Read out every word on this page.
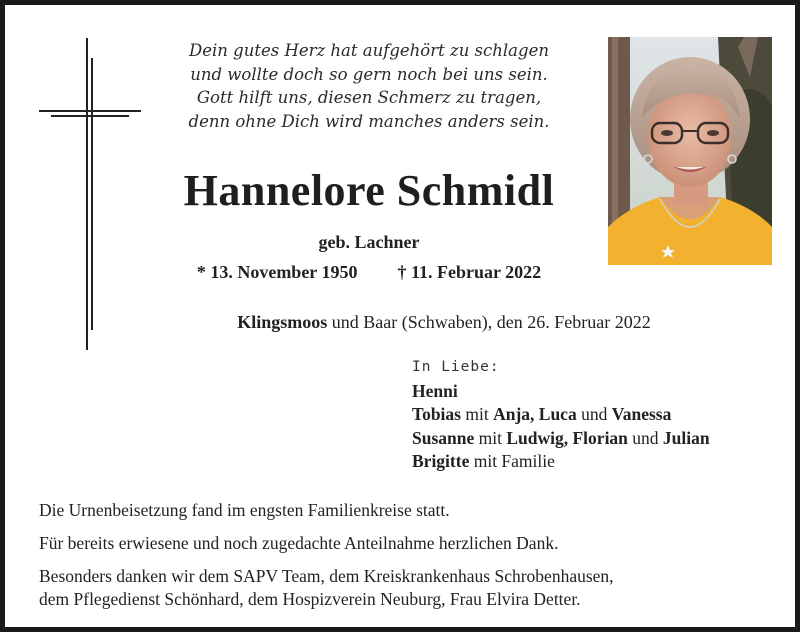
Dein gutes Herz hat aufgehört zu schlagen
und wollte doch so gern noch bei uns sein.
Gott hilft uns, diesen Schmerz zu tragen,
denn ohne Dich wird manches anders sein.
Hannelore Schmidl
geb. Lachner
* 13. November 1950 † 11. Februar 2022
Klingsmoos und Baar (Schwaben), den 26. Februar 2022
In Liebe:
Henni
Tobias mit Anja, Luca und Vanessa
Susanne mit Ludwig, Florian und Julian
Brigitte mit Familie

Die Urnenbeisetzung fand im engsten Familienkreise statt.

Für bereits erwiesene und noch zugedachte Anteilnahme herzlichen Dank.

Besonders danken wir dem SAPV Team, dem Kreiskrankenhaus Schrobenhausen,

dem Pflegedienst Schönhard, dem Hospizverein Neuburg, Frau Elvira Detter.
